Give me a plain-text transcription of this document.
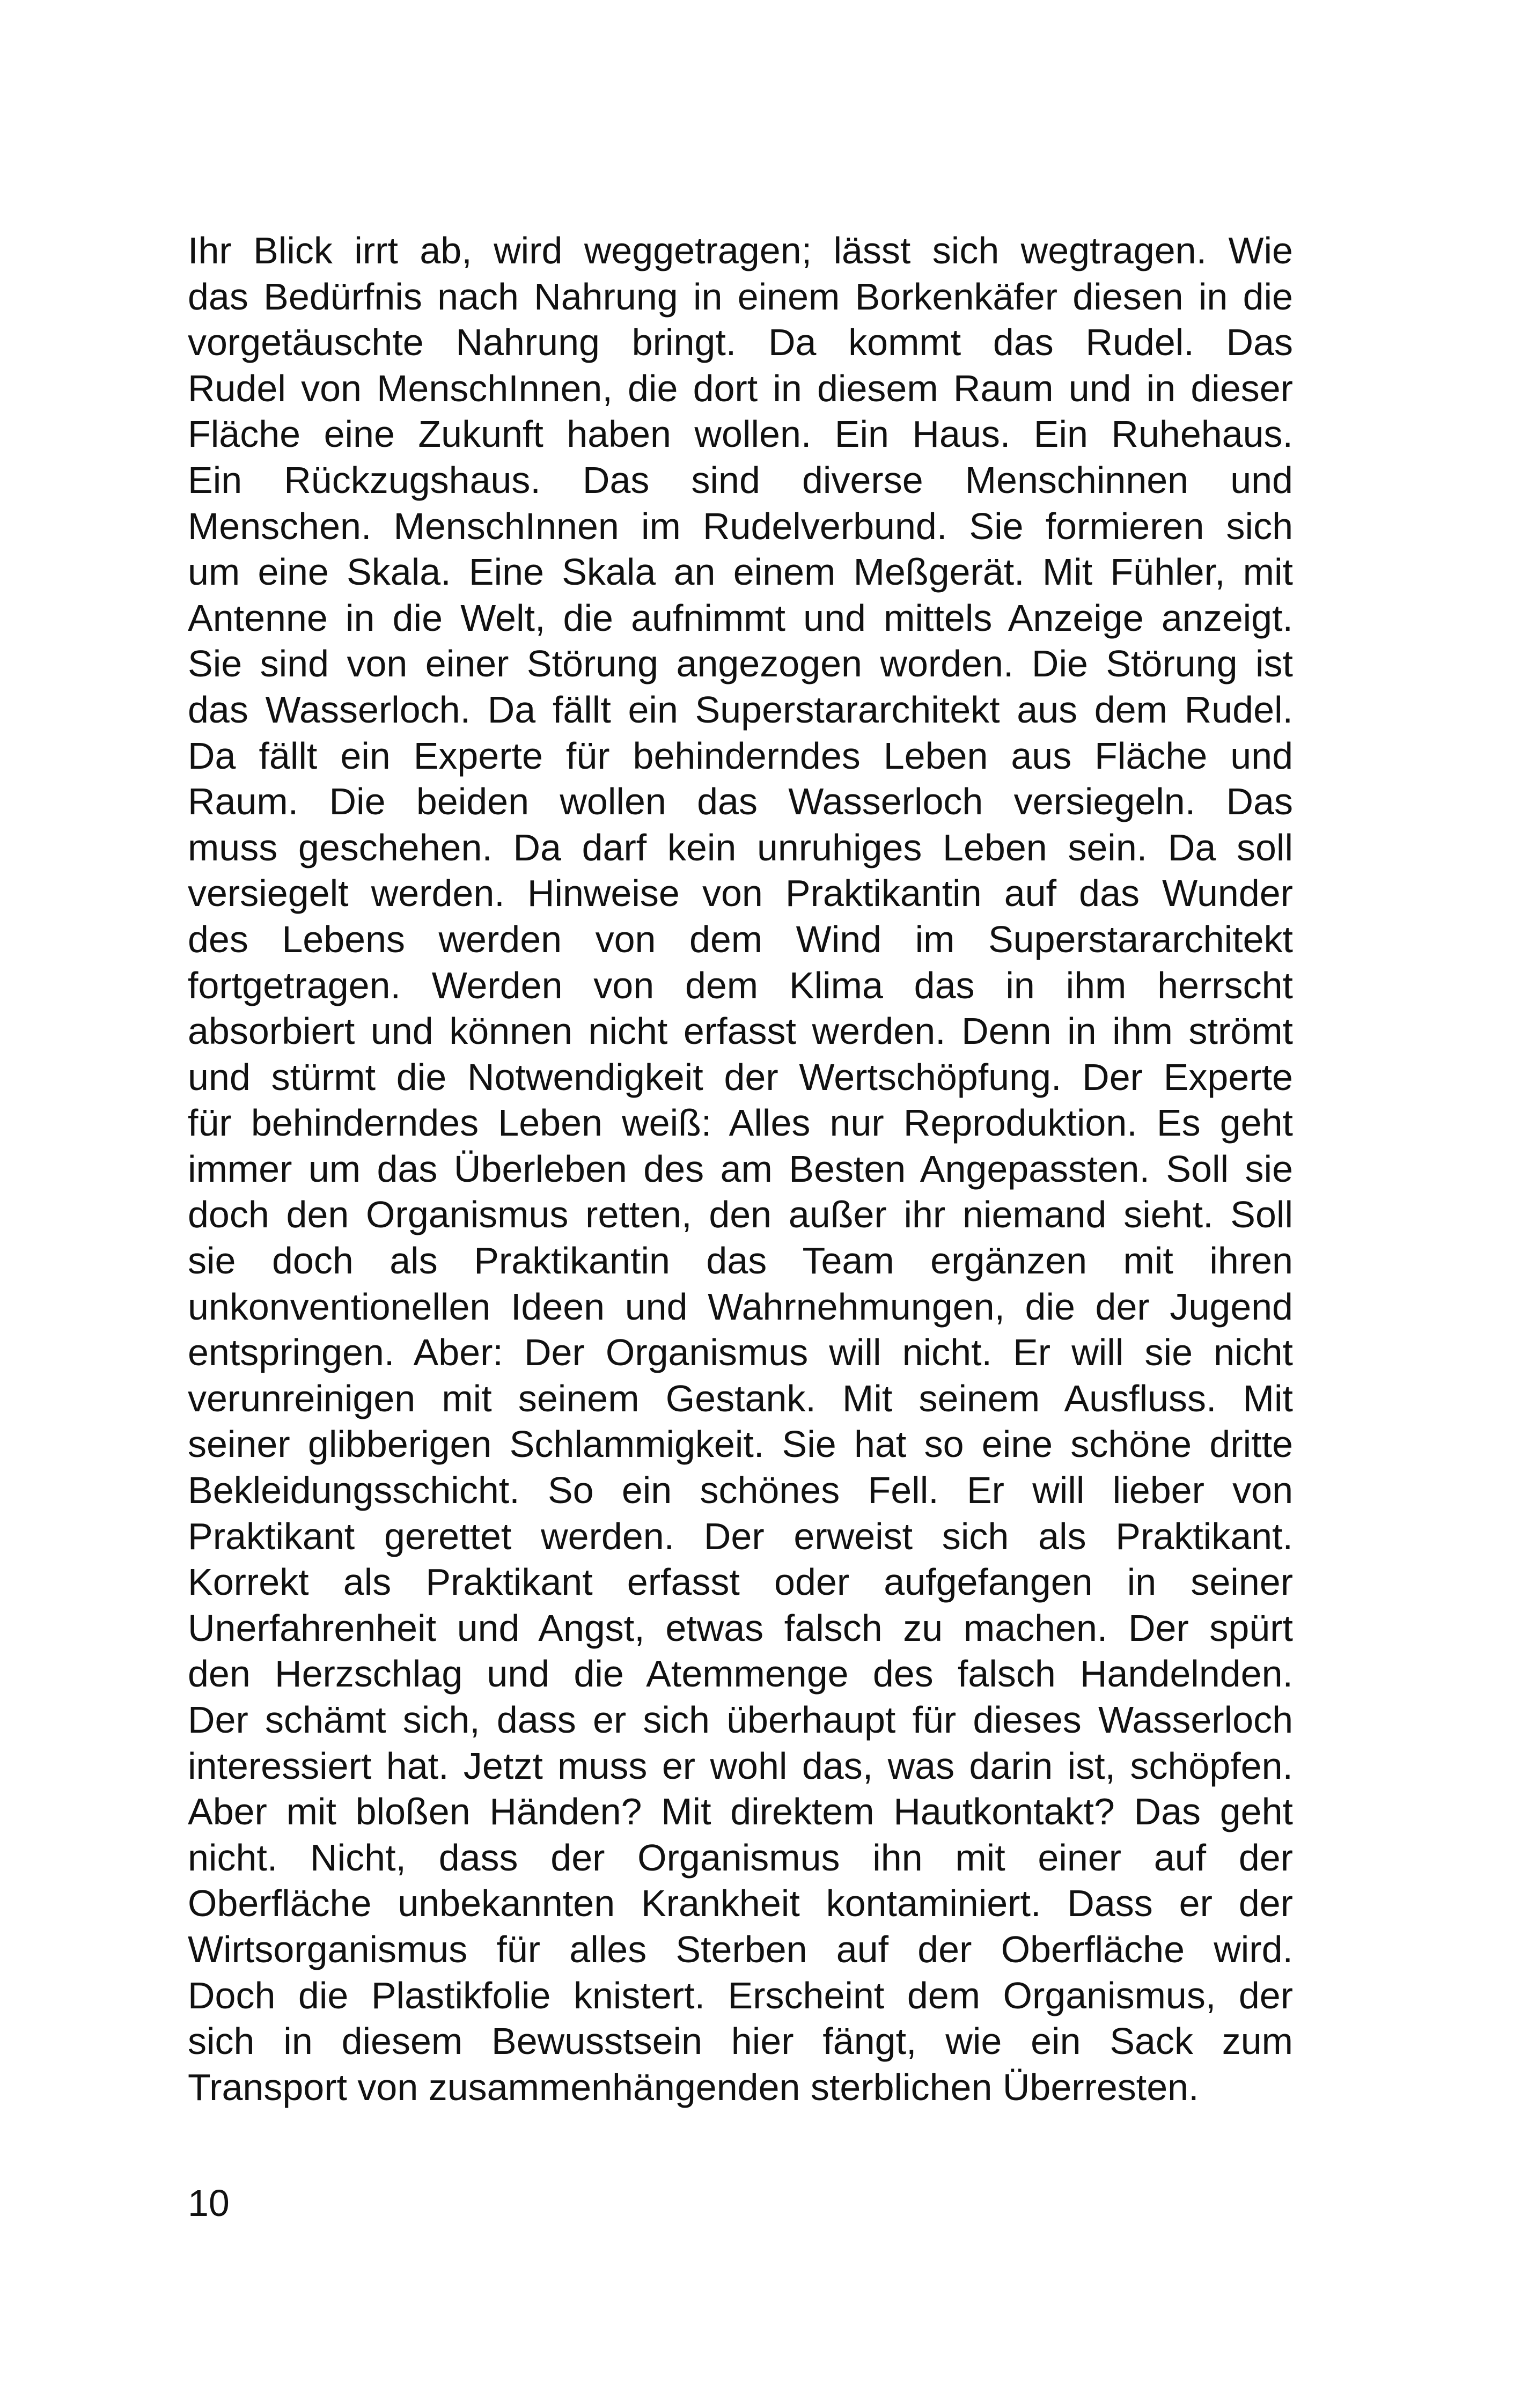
Ihr Blick irrt ab, wird weggetragen; lässt sich wegtragen. Wie
das Bedürfnis nach Nahrung in einem Borkenkäfer diesen in die
vorgetäuschte Nahrung bringt. Da kommt das Rudel. Das
Rudel von MenschInnen, die dort in diesem Raum und in dieser
Fläche eine Zukunft haben wollen. Ein Haus. Ein Ruhehaus.
Ein Rückzugshaus. Das sind diverse Menschinnen und
Menschen. MenschInnen im Rudelverbund. Sie formieren sich
um eine Skala. Eine Skala an einem Meßgerät. Mit Fühler, mit
Antenne in die Welt, die aufnimmt und mittels Anzeige anzeigt.
Sie sind von einer Störung angezogen worden. Die Störung ist
das Wasserloch. Da fällt ein Superstararchitekt aus dem Rudel.
Da fällt ein Experte für behinderndes Leben aus Fläche und
Raum. Die beiden wollen das Wasserloch versiegeln. Das
muss geschehen. Da darf kein unruhiges Leben sein. Da soll
versiegelt werden. Hinweise von Praktikantin auf das Wunder
des Lebens werden von dem Wind im Superstararchitekt
fortgetragen. Werden von dem Klima das in ihm herrscht
absorbiert und können nicht erfasst werden. Denn in ihm strömt
und stürmt die Notwendigkeit der Wertschöpfung. Der Experte
für behinderndes Leben weiß: Alles nur Reproduktion. Es geht
immer um das Überleben des am Besten Angepassten. Soll sie
doch den Organismus retten, den außer ihr niemand sieht. Soll
sie doch als Praktikantin das Team ergänzen mit ihren
unkonventionellen Ideen und Wahrnehmungen, die der Jugend
entspringen. Aber: Der Organismus will nicht. Er will sie nicht
verunreinigen mit seinem Gestank. Mit seinem Ausfluss. Mit
seiner glibberigen Schlammigkeit. Sie hat so eine schöne dritte
Bekleidungsschicht. So ein schönes Fell. Er will lieber von
Praktikant gerettet werden. Der erweist sich als Praktikant.
Korrekt als Praktikant erfasst oder aufgefangen in seiner
Unerfahrenheit und Angst, etwas falsch zu machen. Der spürt
den Herzschlag und die Atemmenge des falsch Handelnden.
Der schämt sich, dass er sich überhaupt für dieses Wasserloch
interessiert hat. Jetzt muss er wohl das, was darin ist, schöpfen.
Aber mit bloßen Händen? Mit direktem Hautkontakt? Das geht
nicht. Nicht, dass der Organismus ihn mit einer auf der
Oberfläche unbekannten Krankheit kontaminiert. Dass er der
Wirtsorganismus für alles Sterben auf der Oberfläche wird.
Doch die Plastikfolie knistert. Erscheint dem Organismus, der
sich in diesem Bewusstsein hier fängt, wie ein Sack zum
Transport von zusammenhängenden sterblichen Überresten.
10
